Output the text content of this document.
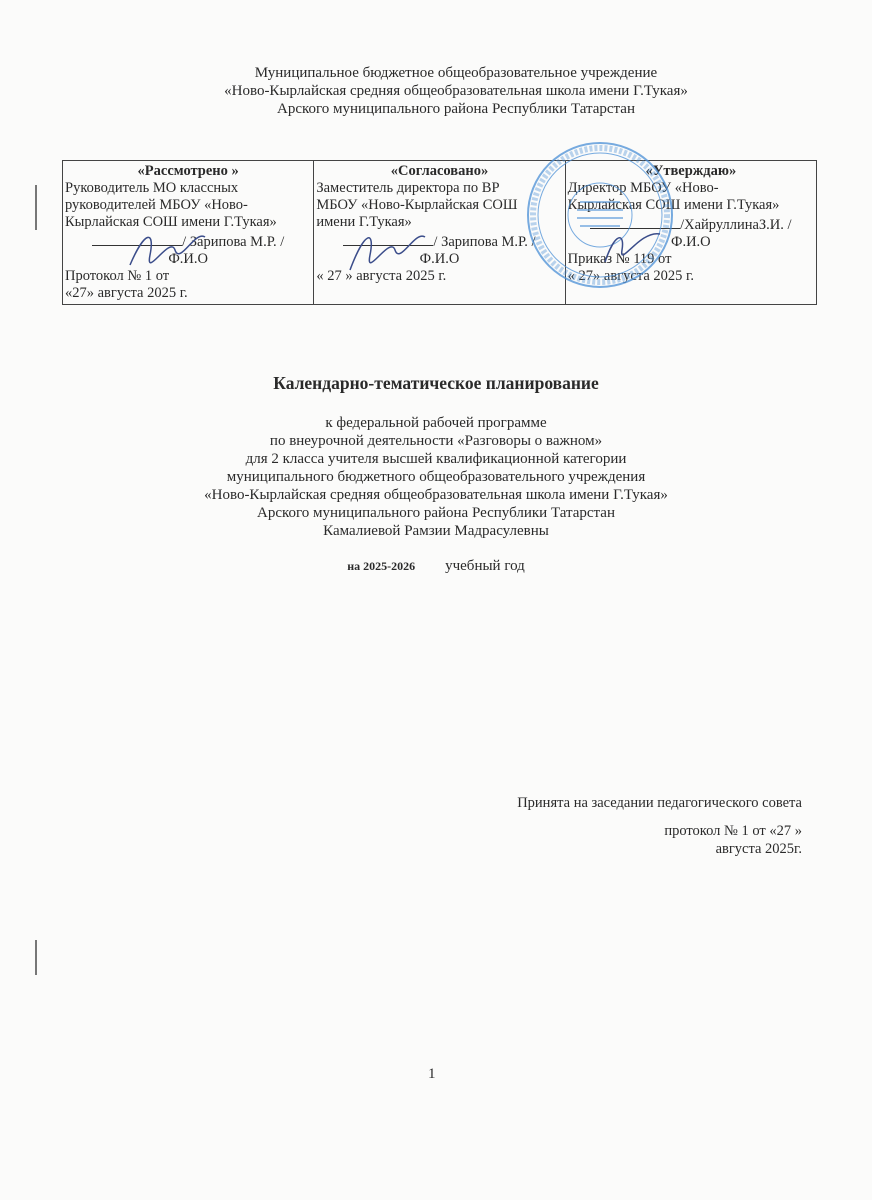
Муниципальное бюджетное общеобразовательное учреждение
«Ново-Кырлайская средняя общеобразовательная школа имени Г.Тукая»
Арского муниципального района Республики Татарстан
«Рассмотрено »
Руководитель МО классных
руководителей МБОУ «Ново-
Кырлайская СОШ имени Г.Тукая»
/ Зарипова М.Р. /
Ф.И.О
Протокол № 1 от
«27» августа 2025 г.

«Согласовано»
Заместитель директора по ВР
МБОУ «Ново-Кырлайская СОШ
имени Г.Тукая»
/ Зарипова М.Р. /
Ф.И.О
« 27 » августа 2025 г.

«Утверждаю»
Директор МБОУ «Ново-
Кырлайская СОШ имени Г.Тукая»
/ХайруллинаЗ.И. /
Ф.И.О
Приказ № 119 от
« 27» августа 2025 г.
Календарно-тематическое планирование
к федеральной рабочей программе
по внеурочной деятельности «Разговоры о важном»
для 2 класса учителя высшей квалификационной категории
муниципального бюджетного общеобразовательного учреждения
«Ново-Кырлайская средняя общеобразовательная школа имени Г.Тукая»
Арского муниципального района Республики Татарстан
Камалиевой Рамзии Мадрасулевны
на 2025-2026 учебный год
Принята на заседании педагогического совета
протокол № 1 от «27 »
августа 2025г.
1
